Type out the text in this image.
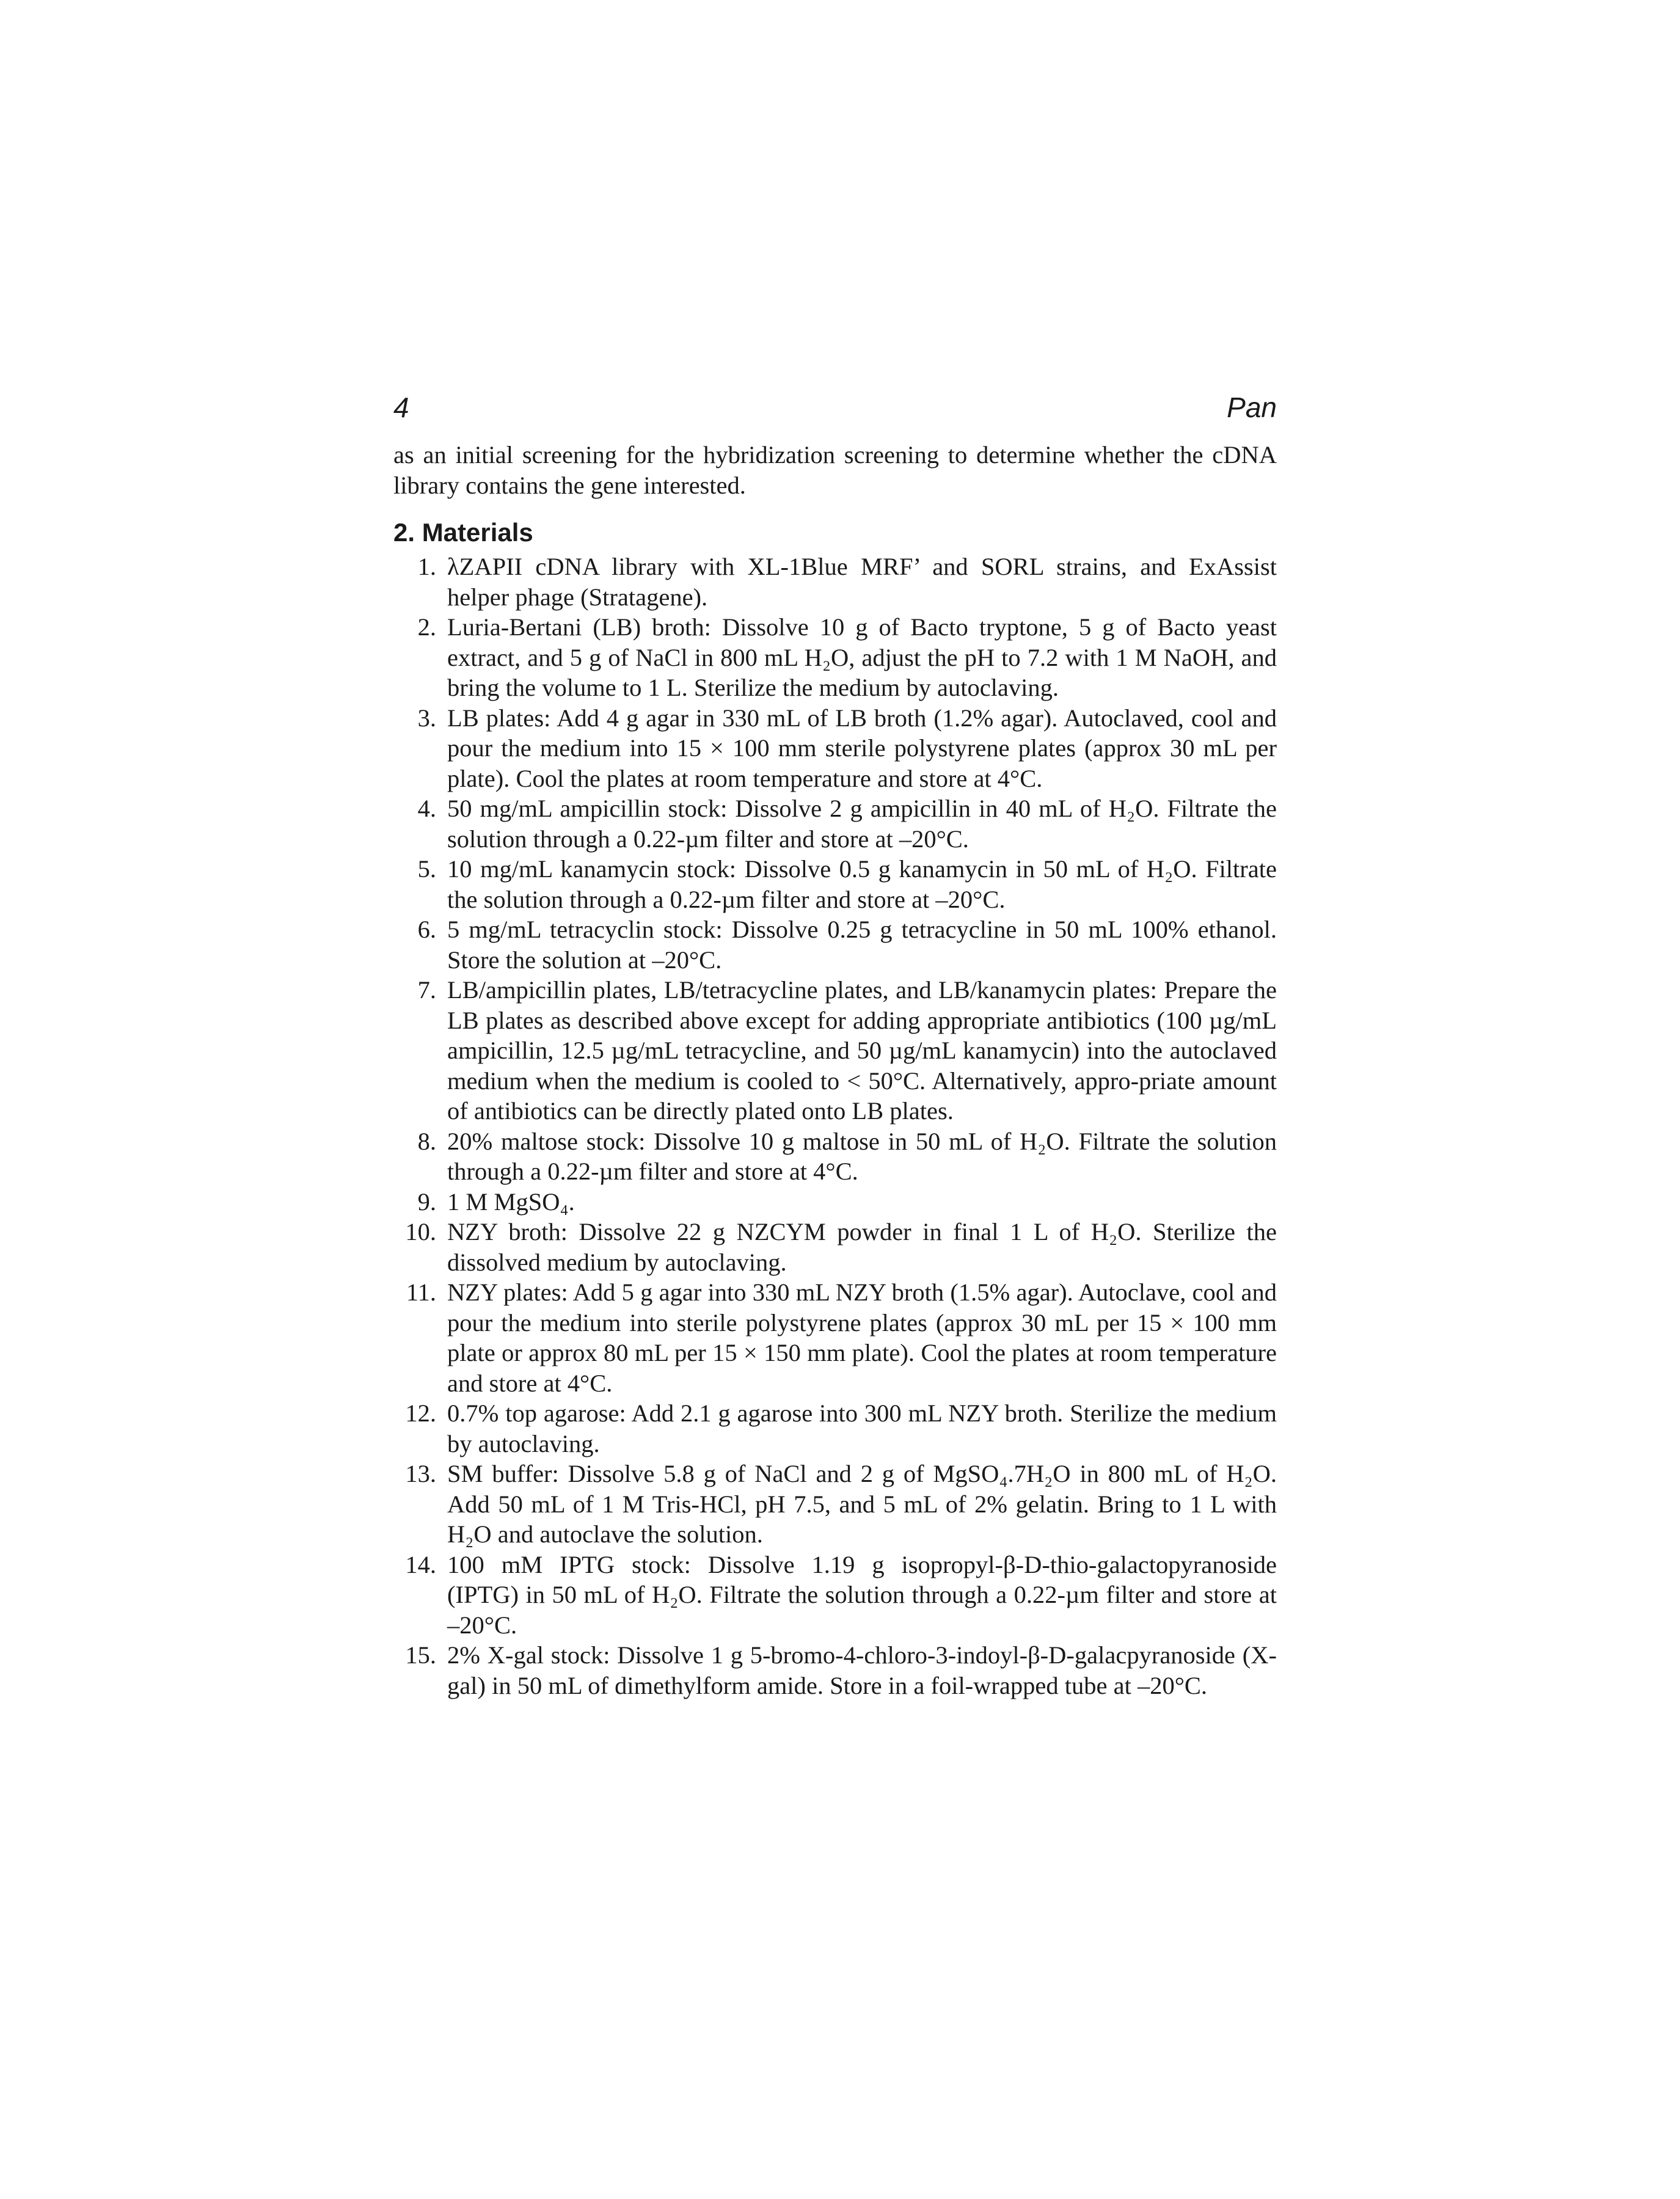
4	Pan

as an initial screening for the hybridization screening to determine whether the cDNA library contains the gene interested.

2. Materials
1. λZAPII cDNA library with XL-1Blue MRF’ and SORL strains, and ExAssist helper phage (Stratagene).
2. Luria-Bertani (LB) broth: Dissolve 10 g of Bacto tryptone, 5 g of Bacto yeast extract, and 5 g of NaCl in 800 mL H₂O, adjust the pH to 7.2 with 1 M NaOH, and bring the volume to 1 L. Sterilize the medium by autoclaving.
3. LB plates: Add 4 g agar in 330 mL of LB broth (1.2% agar). Autoclaved, cool and pour the medium into 15 × 100 mm sterile polystyrene plates (approx 30 mL per plate). Cool the plates at room temperature and store at 4°C.
4. 50 mg/mL ampicillin stock: Dissolve 2 g ampicillin in 40 mL of H₂O. Filtrate the solution through a 0.22-µm filter and store at –20°C.
5. 10 mg/mL kanamycin stock: Dissolve 0.5 g kanamycin in 50 mL of H₂O. Filtrate the solution through a 0.22-µm filter and store at –20°C.
6. 5 mg/mL tetracyclin stock: Dissolve 0.25 g tetracycline in 50 mL 100% ethanol. Store the solution at –20°C.
7. LB/ampicillin plates, LB/tetracycline plates, and LB/kanamycin plates: Prepare the LB plates as described above except for adding appropriate antibiotics (100 µg/mL ampicillin, 12.5 µg/mL tetracycline, and 50 µg/mL kanamycin) into the autoclaved medium when the medium is cooled to < 50°C. Alternatively, appro-priate amount of antibiotics can be directly plated onto LB plates.
8. 20% maltose stock: Dissolve 10 g maltose in 50 mL of H₂O. Filtrate the solution through a 0.22-µm filter and store at 4°C.
9. 1 M MgSO₄.
10. NZY broth: Dissolve 22 g NZCYM powder in final 1 L of H₂O. Sterilize the dissolved medium by autoclaving.
11. NZY plates: Add 5 g agar into 330 mL NZY broth (1.5% agar). Autoclave, cool and pour the medium into sterile polystyrene plates (approx 30 mL per 15 × 100 mm plate or approx 80 mL per 15 × 150 mm plate). Cool the plates at room temperature and store at 4°C.
12. 0.7% top agarose: Add 2.1 g agarose into 300 mL NZY broth. Sterilize the medium by autoclaving.
13. SM buffer: Dissolve 5.8 g of NaCl and 2 g of MgSO₄.7H₂O in 800 mL of H₂O. Add 50 mL of 1 M Tris-HCl, pH 7.5, and 5 mL of 2% gelatin. Bring to 1 L with H₂O and autoclave the solution.
14. 100 mM IPTG stock: Dissolve 1.19 g isopropyl-β-D-thio-galactopyranoside (IPTG) in 50 mL of H₂O. Filtrate the solution through a 0.22-µm filter and store at –20°C.
15. 2% X-gal stock: Dissolve 1 g 5-bromo-4-chloro-3-indoyl-β-D-galacpyranoside (X-gal) in 50 mL of dimethylform amide. Store in a foil-wrapped tube at –20°C.
